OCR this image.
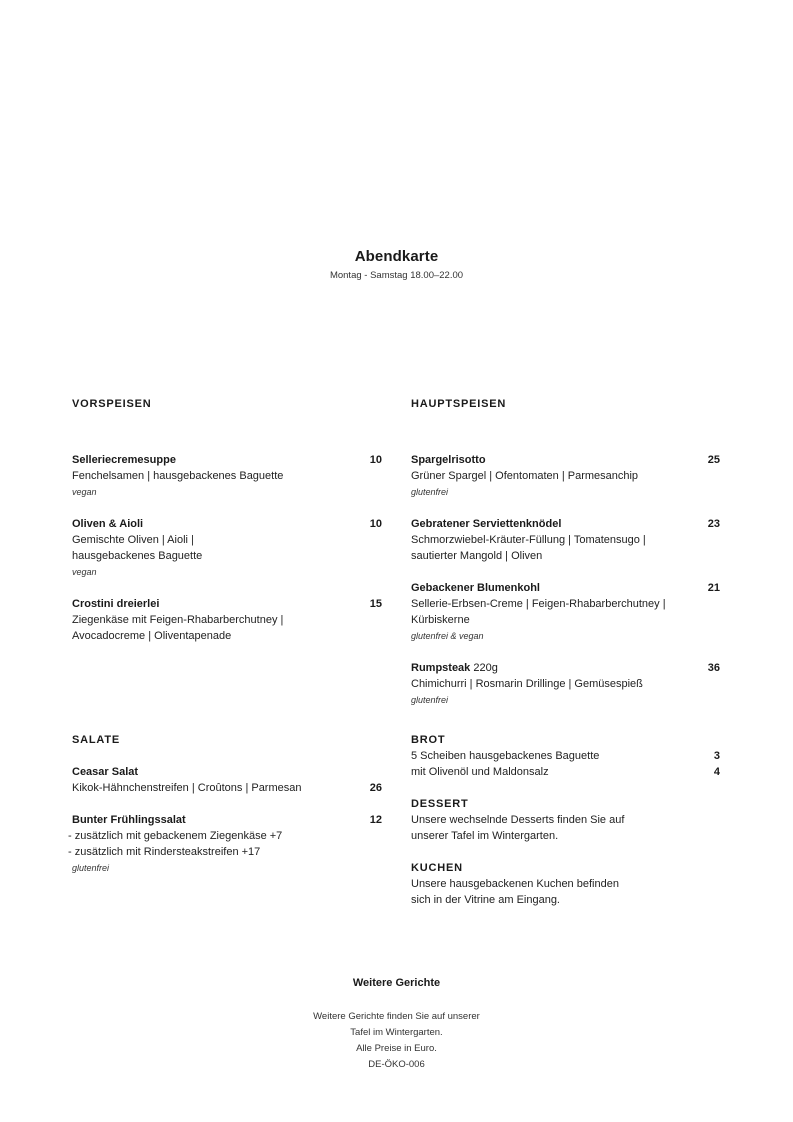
Abendkarte
Montag - Samstag 18.00–22.00
VORSPEISEN
Selleriecremesuppe	10
Fenchelsamen | hausgebackenes Baguette
vegan
Oliven & Aioli	10
Gemischte Oliven | Aioli |
hausgebackenes Baguette
vegan
Crostini dreierlei	15
Ziegenkäse mit Feigen-Rhabarberchutney |
Avocadocreme | Oliventapenade
HAUPTSPEISEN
Spargelrisotto	25
Grüner Spargel | Ofentomaten | Parmesanchip
glutenfrei
Gebratener Serviettenknödel	23
Schmorzwiebel-Kräuter-Füllung | Tomatensugo |
sautierter Mangold | Oliven
Gebackener Blumenkohl	21
Sellerie-Erbsen-Creme | Feigen-Rhabarberchutney |
Kürbiskerne
glutenfrei & vegan
Rumpsteak 220g	36
Chimichurri | Rosmarin Drillinge | Gemüsespieß
glutenfrei
SALATE
Ceasar Salat
Kikok-Hähnchenstreifen | Croûtons | Parmesan	26
Bunter Frühlingssalat	12
- zusätzlich mit gebackenem Ziegenkäse +7
- zusätzlich mit Rindersteakstreifen +17
glutenfrei
BROT
5 Scheiben hausgebackenes Baguette	3
mit Olivenöl und Maldonsalz	4
DESSERT
Unsere wechselnde Desserts finden Sie auf
unserer Tafel im Wintergarten.
KUCHEN
Unsere hausgebackenen Kuchen befinden
sich in der Vitrine am Eingang.
Weitere Gerichte
Weitere Gerichte finden Sie auf unserer
Tafel im Wintergarten.
Alle Preise in Euro.
DE-ÖKO-006
